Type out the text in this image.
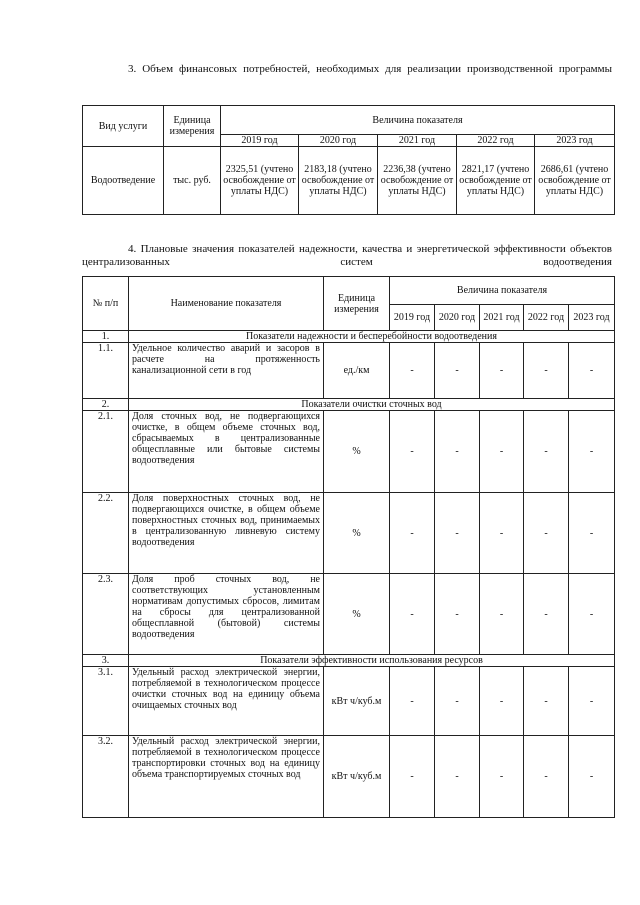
3. Объем финансовых потребностей, необходимых для реализации производственной программы

Вид услуги	Единица измерения	Величина показателя				
		2019 год	2020 год	2021 год	2022 год	2023 год
Водоотведение	тыс. руб.	2325,51 (учтено освобождение от уплаты НДС)	2183,18 (учтено освобождение от уплаты НДС)	2236,38 (учтено освобождение от уплаты НДС)	2821,17 (учтено освобождение от уплаты НДС)	2686,61 (учтено освобождение от уплаты НДС)

4. Плановые значения показателей надежности, качества и энергетической эффективности объектов централизованных систем водоотведения

№ п/п	Наименование показателя	Единица измерения	Величина показателя				
			2019 год	2020 год	2021 год	2022 год	2023 год
1.	Показатели надежности и бесперебойности водоотведения						
1.1.	Удельное количество аварий и засоров в расчете на протяженность канализационной сети в год	ед./км	-	-	-	-	-
2.	Показатели очистки сточных вод						
2.1.	Доля сточных вод, не подвергающихся очистке, в общем объеме сточных вод, сбрасываемых в централизованные общесплавные или бытовые системы водоотведения	%	-	-	-	-	-
2.2.	Доля поверхностных сточных вод, не подвергающихся очистке, в общем объеме поверхностных сточных вод, принимаемых в централизованную ливневую систему водоотведения	%	-	-	-	-	-
2.3.	Доля проб сточных вод, не соответствующих установленным нормативам допустимых сбросов, лимитам на сбросы для централизованной общесплавной (бытовой) системы водоотведения	%	-	-	-	-	-
3.	Показатели эффективности использования ресурсов						
3.1.	Удельный расход электрической энергии, потребляемой в технологическом процессе очистки сточных вод на единицу объема очищаемых сточных вод	кВт ч/куб.м	-	-	-	-	-
3.2.	Удельный расход электрической энергии, потребляемой в технологическом процессе транспортировки сточных вод на единицу объема транспортируемых сточных вод	кВт ч/куб.м	-	-	-	-	-
